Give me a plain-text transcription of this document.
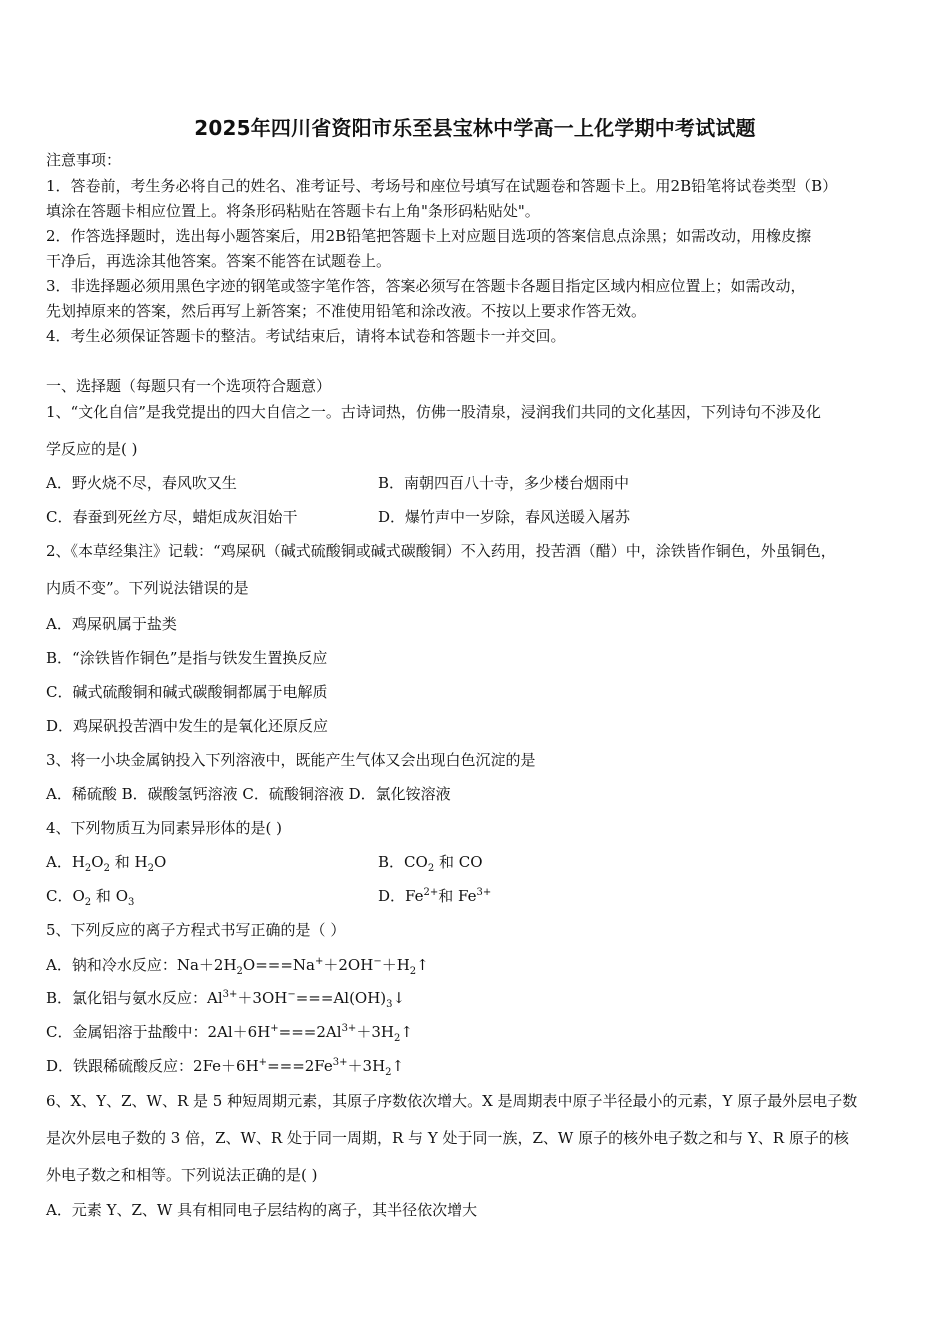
2025年四川省资阳市乐至县宝林中学高一上化学期中考试试题
注意事项：
1．答卷前，考生务必将自己的姓名、准考证号、考场号和座位号填写在试题卷和答题卡上。用2B铅笔将试卷类型（B）
填涂在答题卡相应位置上。将条形码粘贴在答题卡右上角"条形码粘贴处"。
2．作答选择题时，选出每小题答案后，用2B铅笔把答题卡上对应题目选项的答案信息点涂黑；如需改动，用橡皮擦
干净后，再选涂其他答案。答案不能答在试题卷上。
3．非选择题必须用黑色字迹的钢笔或签字笔作答，答案必须写在答题卡各题目指定区域内相应位置上；如需改动，
先划掉原来的答案，然后再写上新答案；不准使用铅笔和涂改液。不按以上要求作答无效。
4．考生必须保证答题卡的整洁。考试结束后，请将本试卷和答题卡一并交回。
一、选择题（每题只有一个选项符合题意）
1、“文化自信”是我党提出的四大自信之一。古诗词热，仿佛一股清泉，浸润我们共同的文化基因，下列诗句不涉及化
学反应的是( )
A．野火烧不尽，春风吹又生	B．南朝四百八十寺，多少楼台烟雨中
C．春蚕到死丝方尽，蜡炬成灰泪始干	D．爆竹声中一岁除，春风送暖入屠苏
2、《本草经集注》记载：“鸡屎矾（碱式硫酸铜或碱式碳酸铜）不入药用，投苦酒（醋）中，涂铁皆作铜色，外虽铜色，
内质不变”。下列说法错误的是
A．鸡屎矾属于盐类
B．“涂铁皆作铜色”是指与铁发生置换反应
C．碱式硫酸铜和碱式碳酸铜都属于电解质
D．鸡屎矾投苦酒中发生的是氧化还原反应
3、将一小块金属钠投入下列溶液中，既能产生气体又会出现白色沉淀的是
A．稀硫酸 B．碳酸氢钙溶液 C．硫酸铜溶液 D．氯化铵溶液
4、下列物质互为同素异形体的是( )
A．$H_2O_2$ 和 $H_2O$	B．$CO_2$ 和 CO
C．$O_2$ 和 $O_3$	D．$Fe^{2+}$和 $Fe^{3+}$
5、下列反应的离子方程式书写正确的是（ ）
A．钠和冷水反应：$Na+2H_2O===Na^++2OH^-+H_2↑$
B．氯化铝与氨水反应：$Al^{3+}+3OH^-===Al(OH)_3↓$
C．金属铝溶于盐酸中：$2Al+6H^+===2Al^{3+}+3H_2↑$
D．铁跟稀硫酸反应：$2Fe+6H^+===2Fe^{3+}+3H_2↑$
6、X、Y、Z、W、R 是 5 种短周期元素，其原子序数依次增大。X 是周期表中原子半径最小的元素，Y 原子最外层电子数
是次外层电子数的 3 倍，Z、W、R 处于同一周期，R 与 Y 处于同一族，Z、W 原子的核外电子数之和与 Y、R 原子的核
外电子数之和相等。下列说法正确的是( )
A．元素 Y、Z、W 具有相同电子层结构的离子，其半径依次增大
